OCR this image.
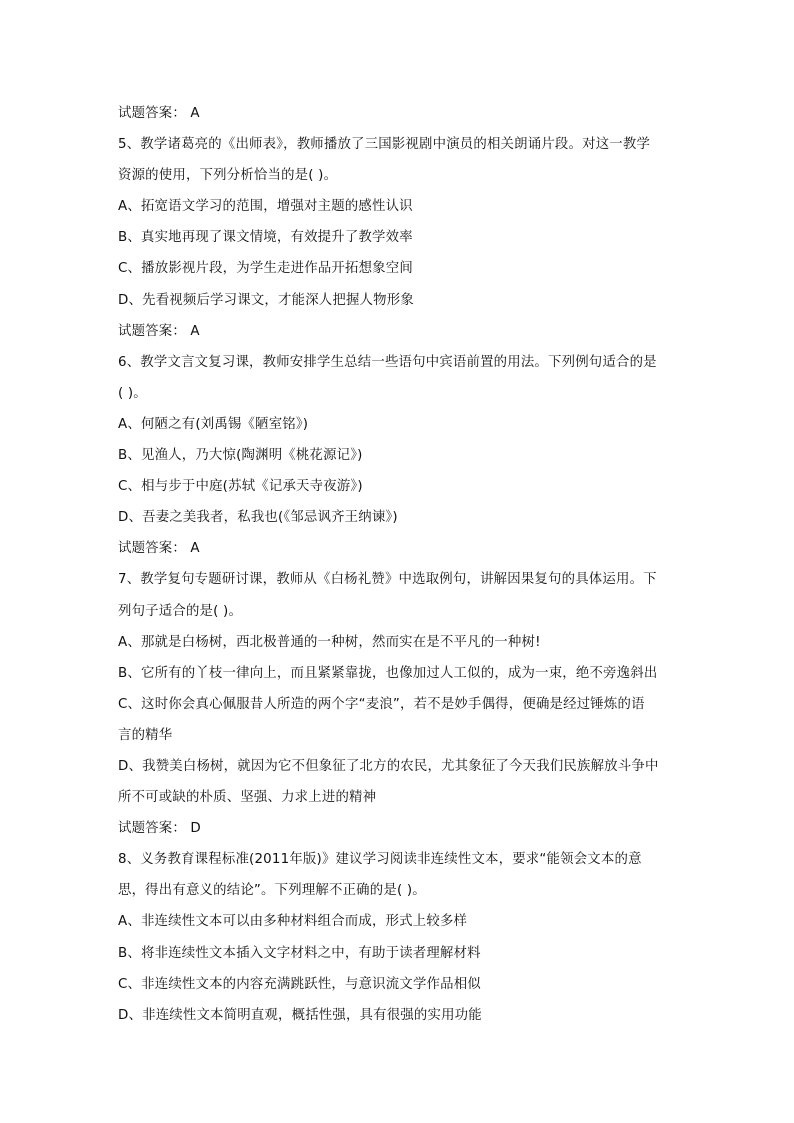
试题答案： A
5、教学诸葛亮的《出师表》，教师播放了三国影视剧中演员的相关朗诵片段。对这一教学
资源的使用，下列分析恰当的是( )。
A、拓宽语文学习的范围，增强对主题的感性认识
B、真实地再现了课文情境，有效提升了教学效率
C、播放影视片段，为学生走进作品开拓想象空间
D、先看视频后学习课文，才能深人把握人物形象
试题答案： A
6、教学文言文复习课，教师安排学生总结一些语句中宾语前置的用法。下列例句适合的是
( )。
A、何陋之有(刘禹锡《陋室铭》)
B、见渔人，乃大惊(陶渊明《桃花源记》)
C、相与步于中庭(苏轼《记承天寺夜游》)
D、吾妻之美我者，私我也(《邹忌讽齐王纳谏》)
试题答案： A
7、教学复句专题研讨课，教师从《白杨礼赞》中选取例句，讲解因果复句的具体运用。下
列句子适合的是( )。
A、那就是白杨树，西北极普通的一种树，然而实在是不平凡的一种树!
B、它所有的丫枝一律向上，而且紧紧靠拢，也像加过人工似的，成为一束，绝不旁逸斜出
C、这时你会真心佩服昔人所造的两个字“麦浪”，若不是妙手偶得，便确是经过锤炼的语
言的精华
D、我赞美白杨树，就因为它不但象征了北方的农民，尤其象征了今天我们民族解放斗争中
所不可或缺的朴质、坚强、力求上进的精神
试题答案： D
8、义务教育课程标准(2011年版)》建议学习阅读非连续性文本，要求“能领会文本的意
思，得出有意义的结论”。下列理解不正确的是( )。
A、非连续性文本可以由多种材料组合而成，形式上较多样
B、将非连续性文本插入文字材料之中，有助于读者理解材料
C、非连续性文本的内容充满跳跃性，与意识流文学作品相似
D、非连续性文本简明直观，概括性强，具有很强的实用功能
